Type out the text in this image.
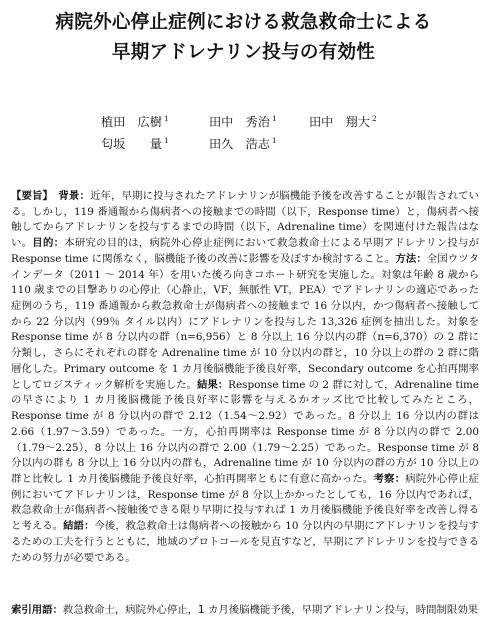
病院外心停止症例における救急救命士による
早期アドレナリン投与の有効性
植田　広樹 $^1$	田中　秀治 $^1$	田中　翔大 $^2$
匂坂　　量 $^1$	田久　浩志 $^1$

【要旨】　 背景：近年，早期に投与されたアドレナリンが脳機能予後を改善することが報告されている。しかし，119 番通報から傷病者への接触までの時間（以下，Response time）と，傷病者へ接触してからアドレナリンを投与するまでの時間（以下，Adrenaline time）を関連付けた報告はない。目的：本研究の目的は，病院外心停止症例において救急救命士による早期アドレナリン投与が Response time に関係なく，脳機能予後の改善に影響を及ぼすか検討すること。方法：全国ウツタインデータ（2011 ～ 2014 年）を用いた後ろ向きコホート研究を実施した。対象は年齢 8 歳から 110 歳までの目撃ありの心停止（心静止，VF，無脈性 VT，PEA）でアドレナリンの適応であった症例のうち，119 番通報から救急救命士が傷病者への接触まで 16 分以内，かつ傷病者へ接触してから 22 分以内（99％ タイル以内）にアドレナリンを投与した 13,326 症例を抽出した。対象を Response time が 8 分以内の群（n=6,956）と 8 分以上 16 分以内の群（n=6,370）の 2 群に分類し，さらにそれぞれの群を Adrenaline time が 10 分以内の群と，10 分以上の群の 2 群に階層化した。Primary outcome を 1 カ月後脳機能予後良好率，Secondary outcome を心拍再開率としてロジスティック解析を実施した。結果：Response time の 2 群に対して，Adrenaline time の早さにより 1 カ月後脳機能予後良好率に影響を与えるかオッズ比で比較してみたところ，Response time が 8 分以内の群で 2.12（1.54～2.92）であった。8 分以上 16 分以内の群は 2.66（1.97～3.59）であった。一方，心拍再開率は Response time が 8 分以内の群で 2.00（1.79～2.25），8 分以上 16 分以内の群で 2.00（1.79～2.25）であった。Response time が 8 分以内の群も 8 分以上 16 分以内の群も，Adrenaline time が 10 分以内の群の方が 10 分以上の群と比較し 1 カ月後脳機能予後良好率，心拍再開率ともに有意に高かった。考察：病院外心停止症例においてアドレナリンは，Response time が 8 分以上かかったとしても，16 分以内であれば，救急救命士が傷病者へ接触後できる限り早期に投与すれば 1 カ月後脳機能予後良好率を改善し得ると考える。結語：今後，救急救命士は傷病者への接触から 10 分以内の早期にアドレナリンを投与するための工夫を行うとともに，地域のプロトコールを見直すなど，早期にアドレナリンを投与できるための努力が必要である。

索引用語：救急救命士，病院外心停止，1 カ月後脳機能予後，早期アドレナリン投与，時間制限効果
